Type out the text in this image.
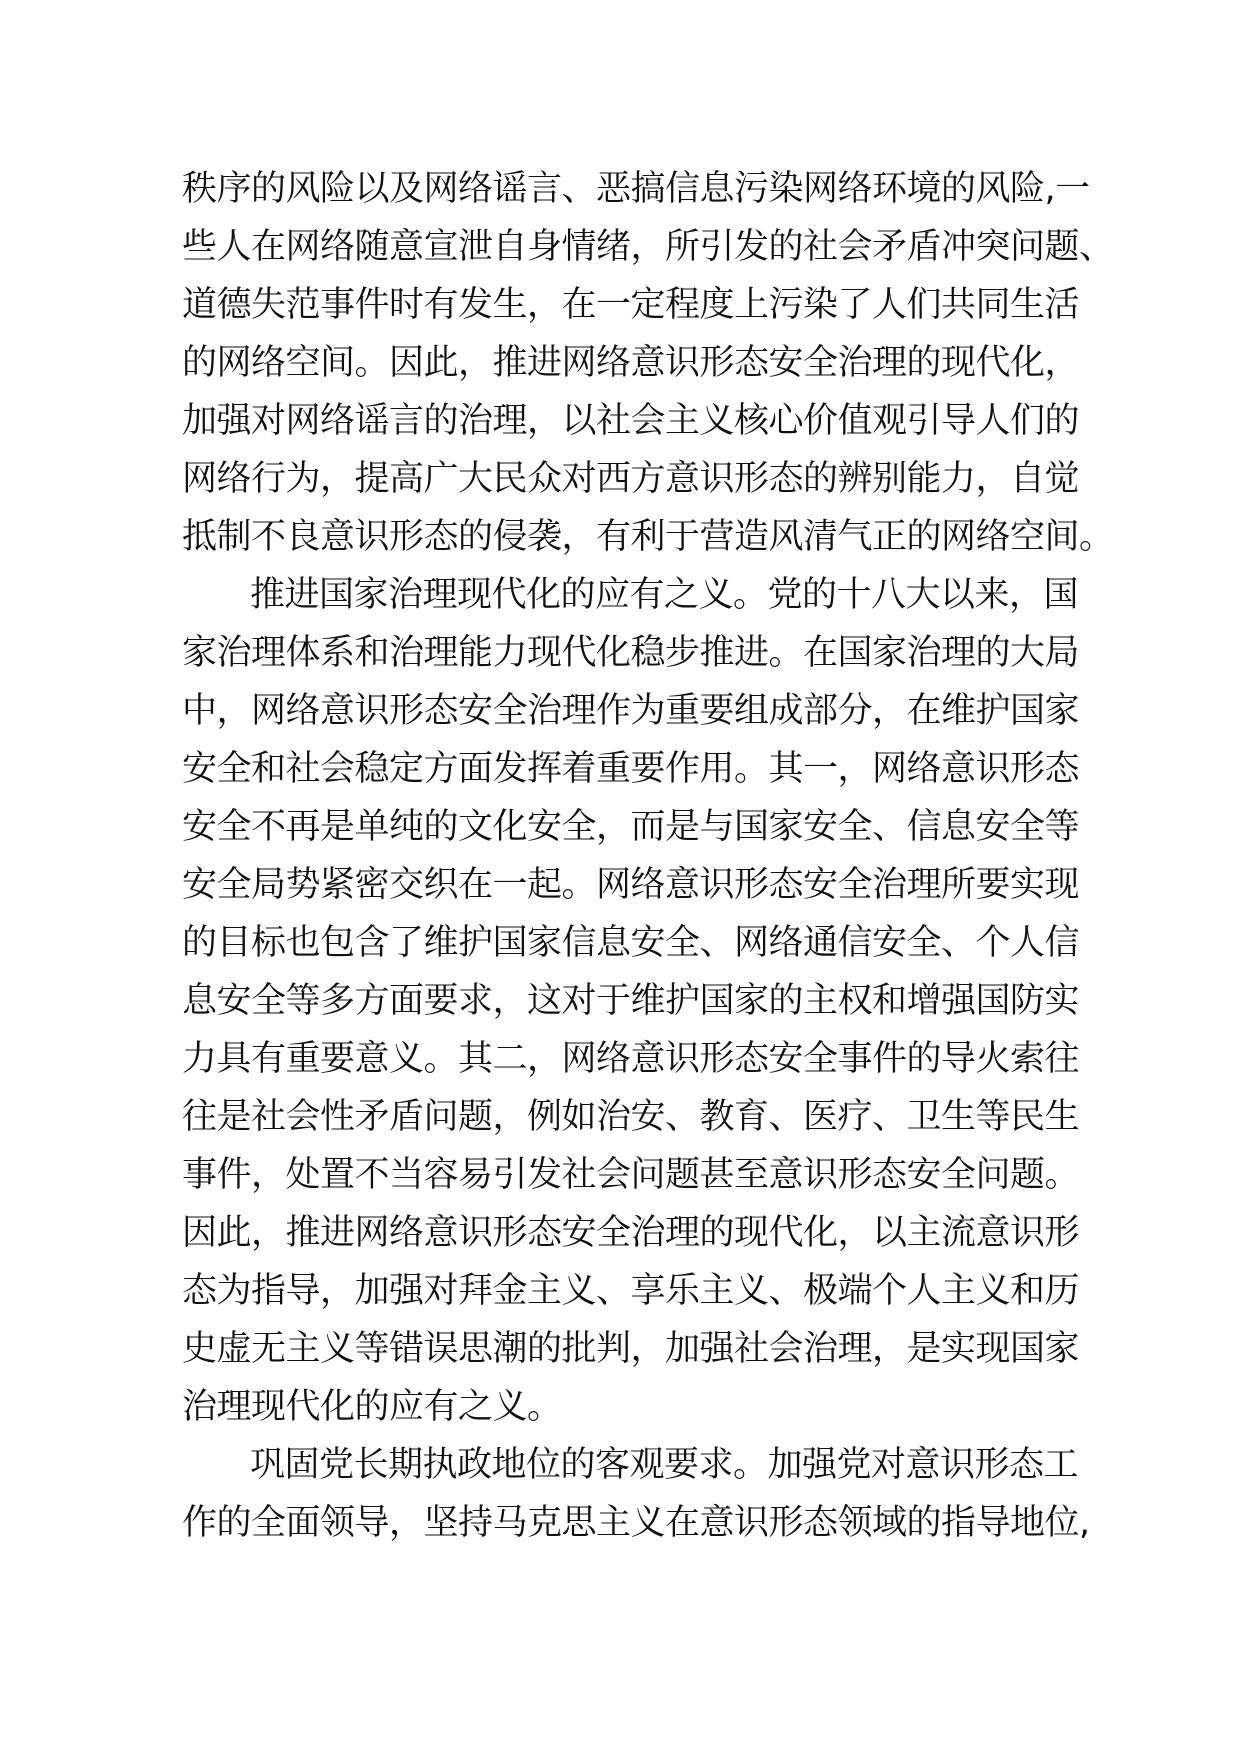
秩序的风险以及网络谣言、恶搞信息污染网络环境的风险,一
些人在网络随意宣泄自身情绪，所引发的社会矛盾冲突问题、
道德失范事件时有发生，在一定程度上污染了人们共同生活
的网络空间。因此，推进网络意识形态安全治理的现代化，
加强对网络谣言的治理，以社会主义核心价值观引导人们的
网络行为，提高广大民众对西方意识形态的辨别能力，自觉
抵制不良意识形态的侵袭，有利于营造风清气正的网络空间。
推进国家治理现代化的应有之义。党的十八大以来，国
家治理体系和治理能力现代化稳步推进。在国家治理的大局
中，网络意识形态安全治理作为重要组成部分，在维护国家
安全和社会稳定方面发挥着重要作用。其一，网络意识形态
安全不再是单纯的文化安全，而是与国家安全、信息安全等
安全局势紧密交织在一起。网络意识形态安全治理所要实现
的目标也包含了维护国家信息安全、网络通信安全、个人信
息安全等多方面要求，这对于维护国家的主权和增强国防实
力具有重要意义。其二，网络意识形态安全事件的导火索往
往是社会性矛盾问题，例如治安、教育、医疗、卫生等民生
事件，处置不当容易引发社会问题甚至意识形态安全问题。
因此，推进网络意识形态安全治理的现代化，以主流意识形
态为指导，加强对拜金主义、享乐主义、极端个人主义和历
史虚无主义等错误思潮的批判，加强社会治理，是实现国家
治理现代化的应有之义。
巩固党长期执政地位的客观要求。加强党对意识形态工
作的全面领导，坚持马克思主义在意识形态领域的指导地位,
